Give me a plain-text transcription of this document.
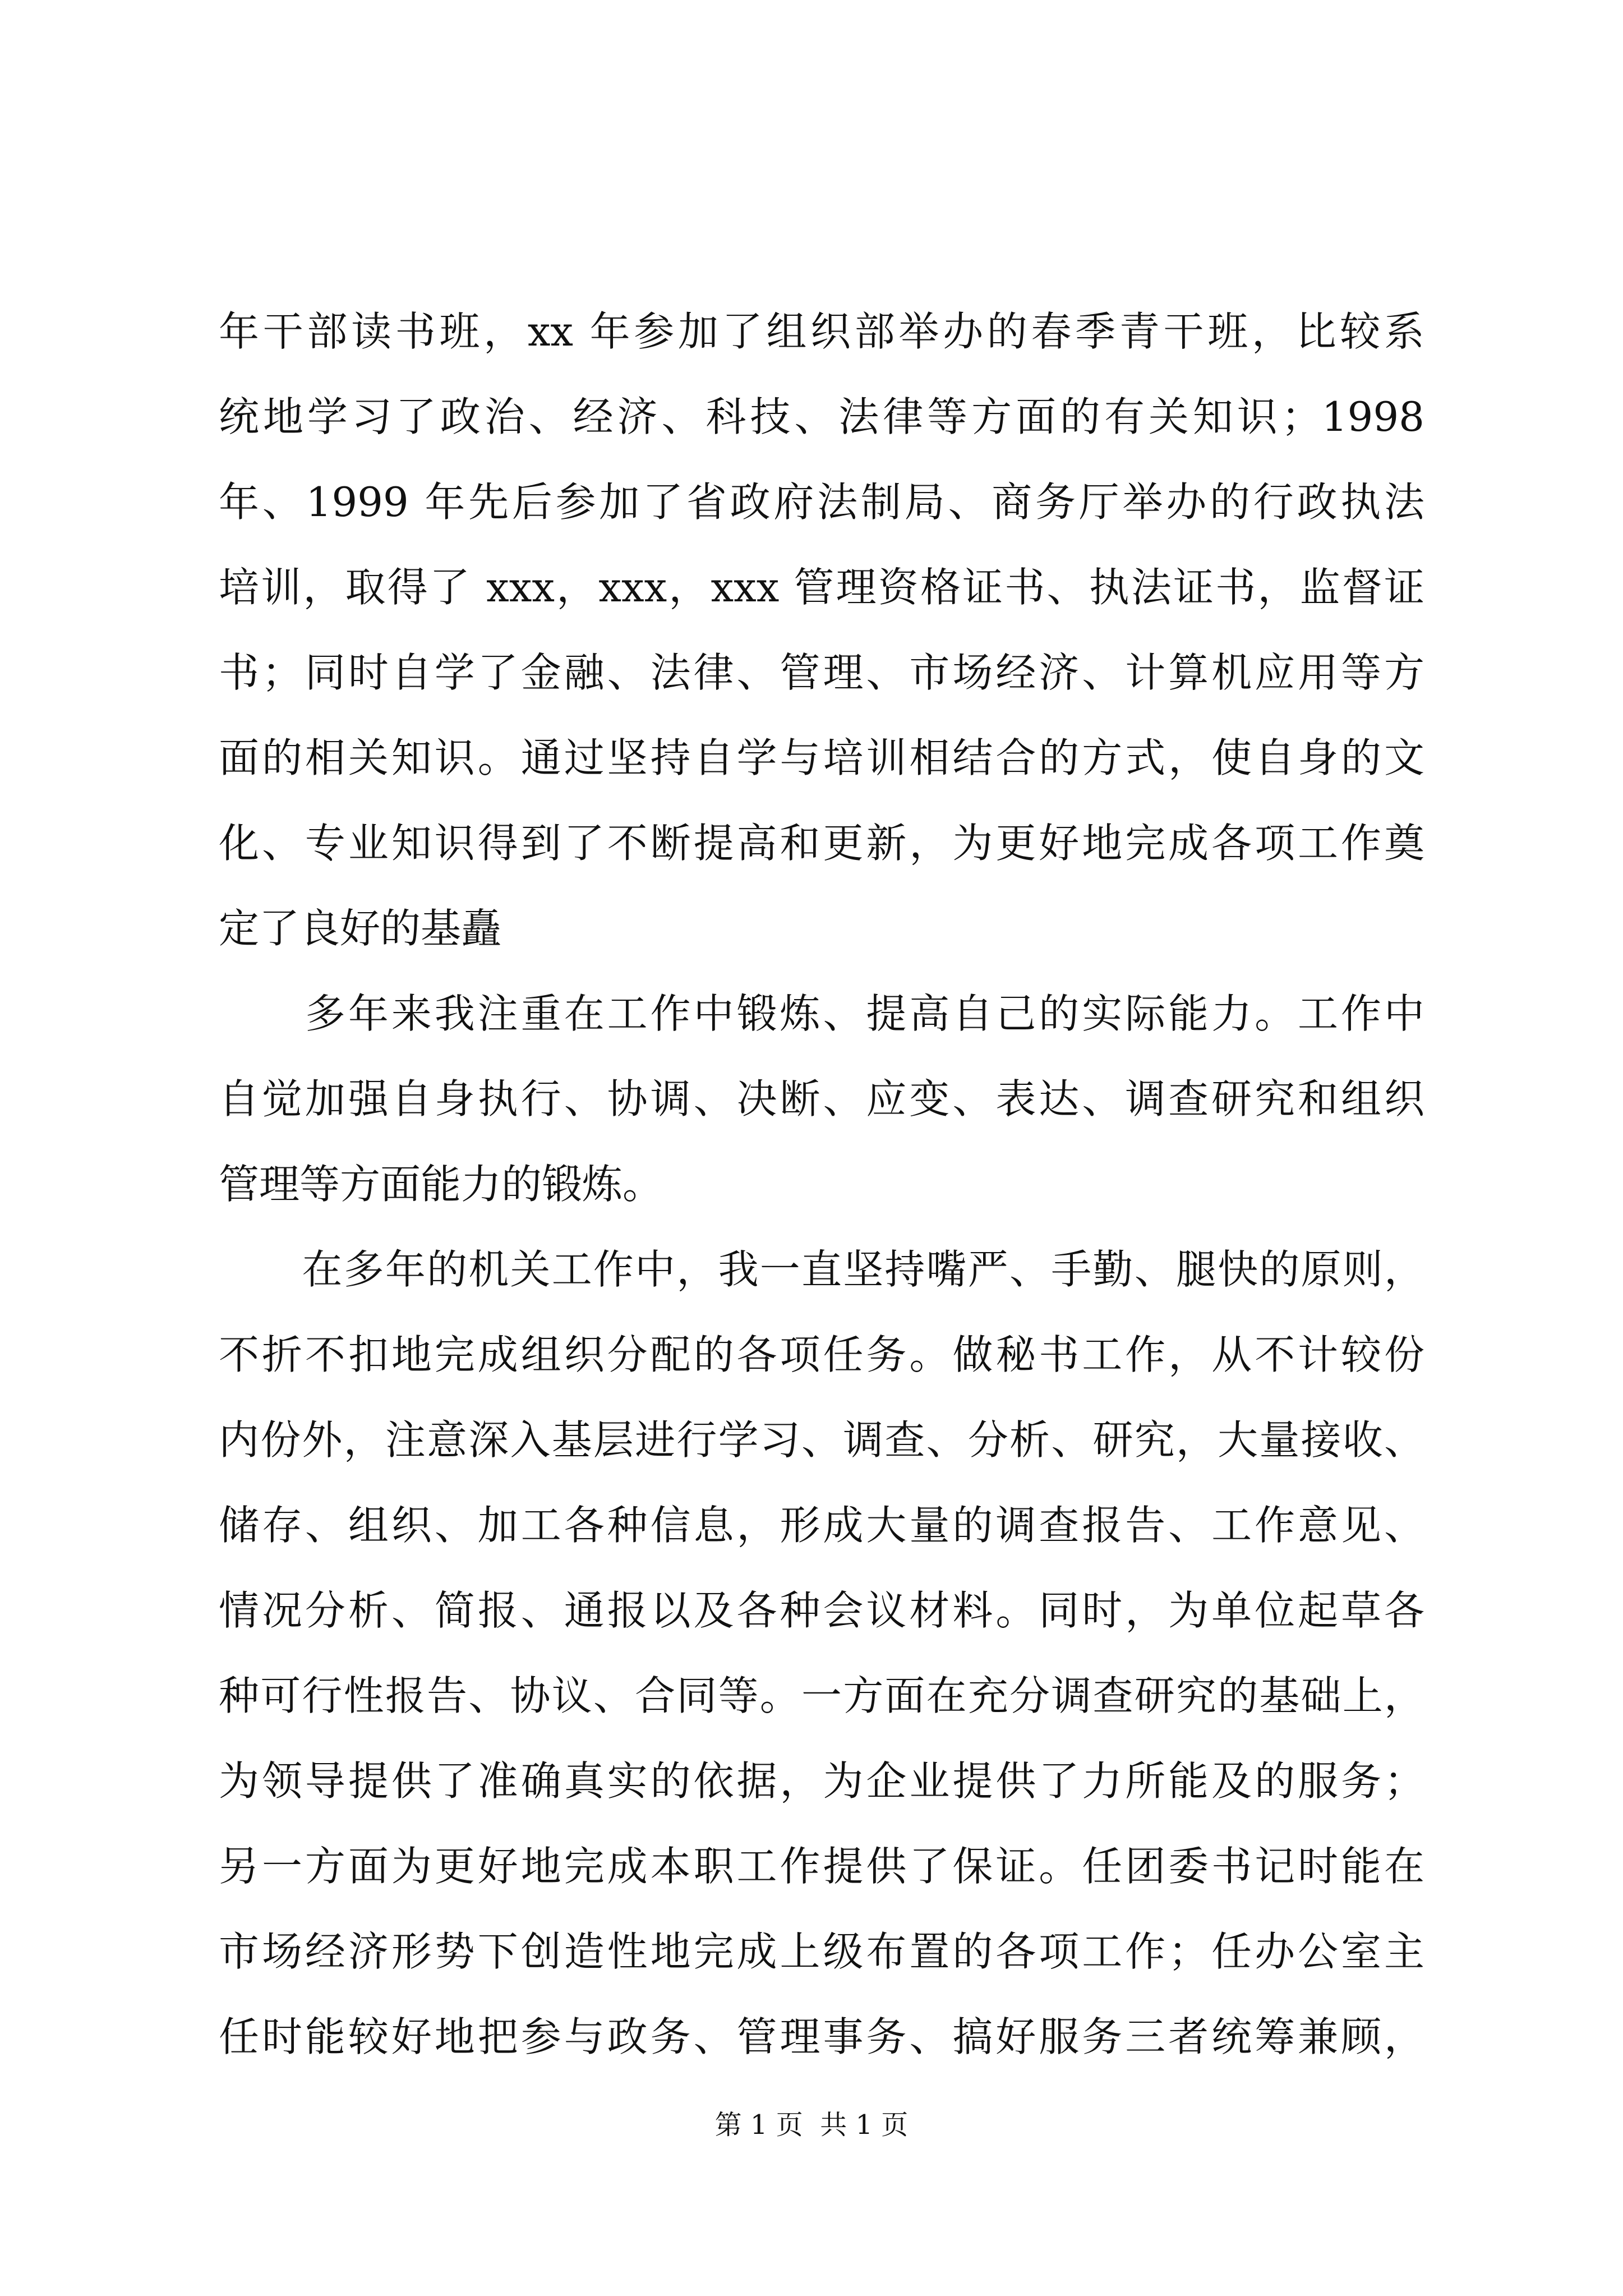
年干部读书班，xx 年参加了组织部举办的春季青干班，比较系
统地学习了政治、经济、科技、法律等方面的有关知识；1998
年、1999 年先后参加了省政府法制局、商务厅举办的行政执法
培训，取得了 xxx，xxx，xxx 管理资格证书、执法证书，监督证
书；同时自学了金融、法律、管理、市场经济、计算机应用等方
面的相关知识。通过坚持自学与培训相结合的方式，使自身的文
化、专业知识得到了不断提高和更新，为更好地完成各项工作奠
定了良好的基矗
　　多年来我注重在工作中锻炼、提高自己的实际能力。工作中
自觉加强自身执行、协调、决断、应变、表达、调查研究和组织
管理等方面能力的锻炼。
　　在多年的机关工作中，我一直坚持嘴严、手勤、腿快的原则，
不折不扣地完成组织分配的各项任务。做秘书工作，从不计较份
内份外，注意深入基层进行学习、调查、分析、研究，大量接收、
储存、组织、加工各种信息，形成大量的调查报告、工作意见、
情况分析、简报、通报以及各种会议材料。同时，为单位起草各
种可行性报告、协议、合同等。一方面在充分调查研究的基础上，
为领导提供了准确真实的依据，为企业提供了力所能及的服务；
另一方面为更好地完成本职工作提供了保证。任团委书记时能在
市场经济形势下创造性地完成上级布置的各项工作；任办公室主
任时能较好地把参与政务、管理事务、搞好服务三者统筹兼顾，
第 1 页  共 1 页
